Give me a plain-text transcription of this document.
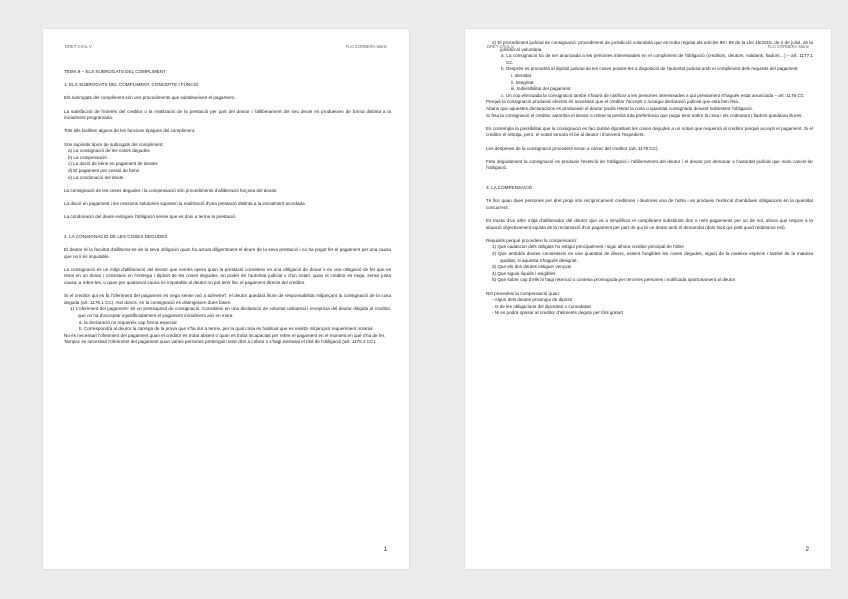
DRET CIVIL V	FLO CORBERA Marie

TEMA 9 – ELS SUBROGATS DEL COMPLIMENT

1. ELS SUBROGATS DEL COMPLIMENT. CONCEPTE I FUNCIÓ

Els subrogats del compliment són uns procediments que substitueixen el pagament.

La satisfacció de l'interès del creditor o la realització de la prestació per part del deutor i l'alliberament del seu deute es produeixen de forma distinta a la inicialment programada.

Tots ells faciliten alguna de les funcions típiques del compliment.

Són supòsits típics de subrogats del compliment:

a) La consignació de les coses degudes

b) La compensació

c) La dació de béns en pagament de deutes

d) El pagament per cessió de bens

e) La condonació del deute

La consignació de les coses degudes i la compensació són procediments d'alliberació forçosa del deutor.

La dació en pagament i les cessions solutories suposen la realització d'una prestació distinta a la inicialment acordada.

La condonació del deute extingeix l'obligació sense que es doni a terme la prestació.

2. LA CONSIGNACIÓ DE LES COSES DEGUDES

El deutor té la facultat d'alliberar-se de la seva obligació quan ha actuat diligentment el deure de la seva prestació i no ha pogut fer el pagament per una causa que no li és imputable.

La consignació és un mitjà d'alliberació del deutor que només opera quan la prestació consisteix en una obligació de donar o en una obligació de fer que es resol en un donar i consisteix en l'entrega i dipòsit de les coses degudes, en poder de l'autoritat judicial o d'un notari, quan el creditor es nega, sense justa causa, a rebre-les, o quan per qualsevol causa no imputable al deutor no pot tenir lloc el pagament directe del creditor.

Si el creditor qui es fa l'oferiment del pagament es nega sense raó a admetre'l, el deutor quedarà lliure de responsabilitat mitjançant la consignació de la cosa deguda (art. 1176.1 CC). Així doncs, en la consignació es distingeixen dues fases:

1) L'oferiment del pagament: és un pressupòsit de consignació. Consisteix en una declaració de voluntat unilateral i receptícia del deutor dirigida al creditor, que no ha d'acceptar injustificadament el pagament inicialment així en mora.

a. la declaració no requereix cap forma especial

b. Correspondrà al deutor la càrrega de la prova que s'ha dut a terme, per la qual cosa és habitual que es realitzi mitjançant requeriment notarial

No és necessari l'oferiment del pagament quan el creditor es troba absent o quan es troba incapacitat per rebre el pagament en el moment en què s'ha de fer.

Tampoc es necessari l'oferiment del pagament quan varies persones pretenguin tenir dret a cobrar o s'hagi extraviat el títol de l'obligació (art. 1176.2 CC).

1
DRET CIVIL V	FLO CORBERA Marie

2) El procediment judicial de consignació: procediment de jurisdicció voluntària que es troba regulat als articles 98 i 99 de la Llei 15/2015, de 2 de juliol, de la jurisdicció voluntària.

a. La consignació ha de ser anunciada a les persones interessades en el compliment de l'obligació (creditors, deutors, solidaris, fiadors…) – art. 1177.1 CC

b. Després es procedirà al dipòsit judicial de les coses posant-les a disposició de l'autoritat judicial amb el compliment dels requisits del pagament

i. Identitat

ii. Integritat

iii. Indivisibilitat del pagament

c. Un cop efectuada la consignació també s'haurà de notificar a les persones interessades a qui prèviament s'hagués estat anunciada – art. 1178 CC

Perquè la consignació produeixi efectes és necessari que el creditor l'accepti o recaigui declaració judicial que està ben feta.

Abans que aquestes declaracions es produeixin el deutor podrà retirar la cosa o quantitat consignada deixant subsistent l'obligació.

Si feta la consignació el creditor autoritza el deutor a retirar-la perdrà tota preferència que pugui tenir sobre la cosa i els codeutors i fiadors quedaran lliures.

Es contempla la possibilitat que la consignació es faci també dipositant les coses degudes a un notari que requerirà al creditor perquè accepti el pagament. Si el creditor el rebutja, però, el notari tornarà el bé al deutor i d'aniverà l'expedient.

Les despeses de la consignació procedent seran a càrrec del creditor (art. 1179 CC).

Feta degudament la consignació es produeix l'extinció de l'obligació i l'alliberament del deutor i el deutor pot demanar a l'autoritat judicial que mani cancel·lar l'obligació.

3. LA COMPENSACIÓ

Té lloc quan dues persones per dret propi són recíprocament creditores i deutores una de l'altra i es produeix l'extinció d'ambdues obligacions en la quantitat concurrent.

Es tracta d'un altre mitjà d'alliberador del deutor que va a simplificar el compliment substituint dos o més pagaments per un de sol, ahora que respon a la situació objectivament injusta de la reclamació d'un pagament per part de qui té un deute amb el demandat (dolo facit qui petit quod redditurus est).

Requisits perquè procedeixi la compensació:

1) Que cadascun dels obligats ho estigui principalment i sigui alhora creditor principal de l'altre

2) Que ambdós deutes consisteixin en una quantitat de diners, essent fungibles les coses degudes, siguin de la mateixa espècie i també de la mateixa qualitat, si aquesta s'hagués designat.

3) Que els dos deutes estiguin vençuts

4) Que siguin líquids i exigibles

5) Que sobre cap d'ells hi hagi retenció o contesa promoguda per terceres persones i notificada oportunament al deutor

NO procedeix la compensació quan:

- Algun dels deutes provingui de dipòsit

- O de les obligacions del dipositari o comodatari

- Ni es podrà oposar al creditor d'aliments deguts per títol gratuït

2
